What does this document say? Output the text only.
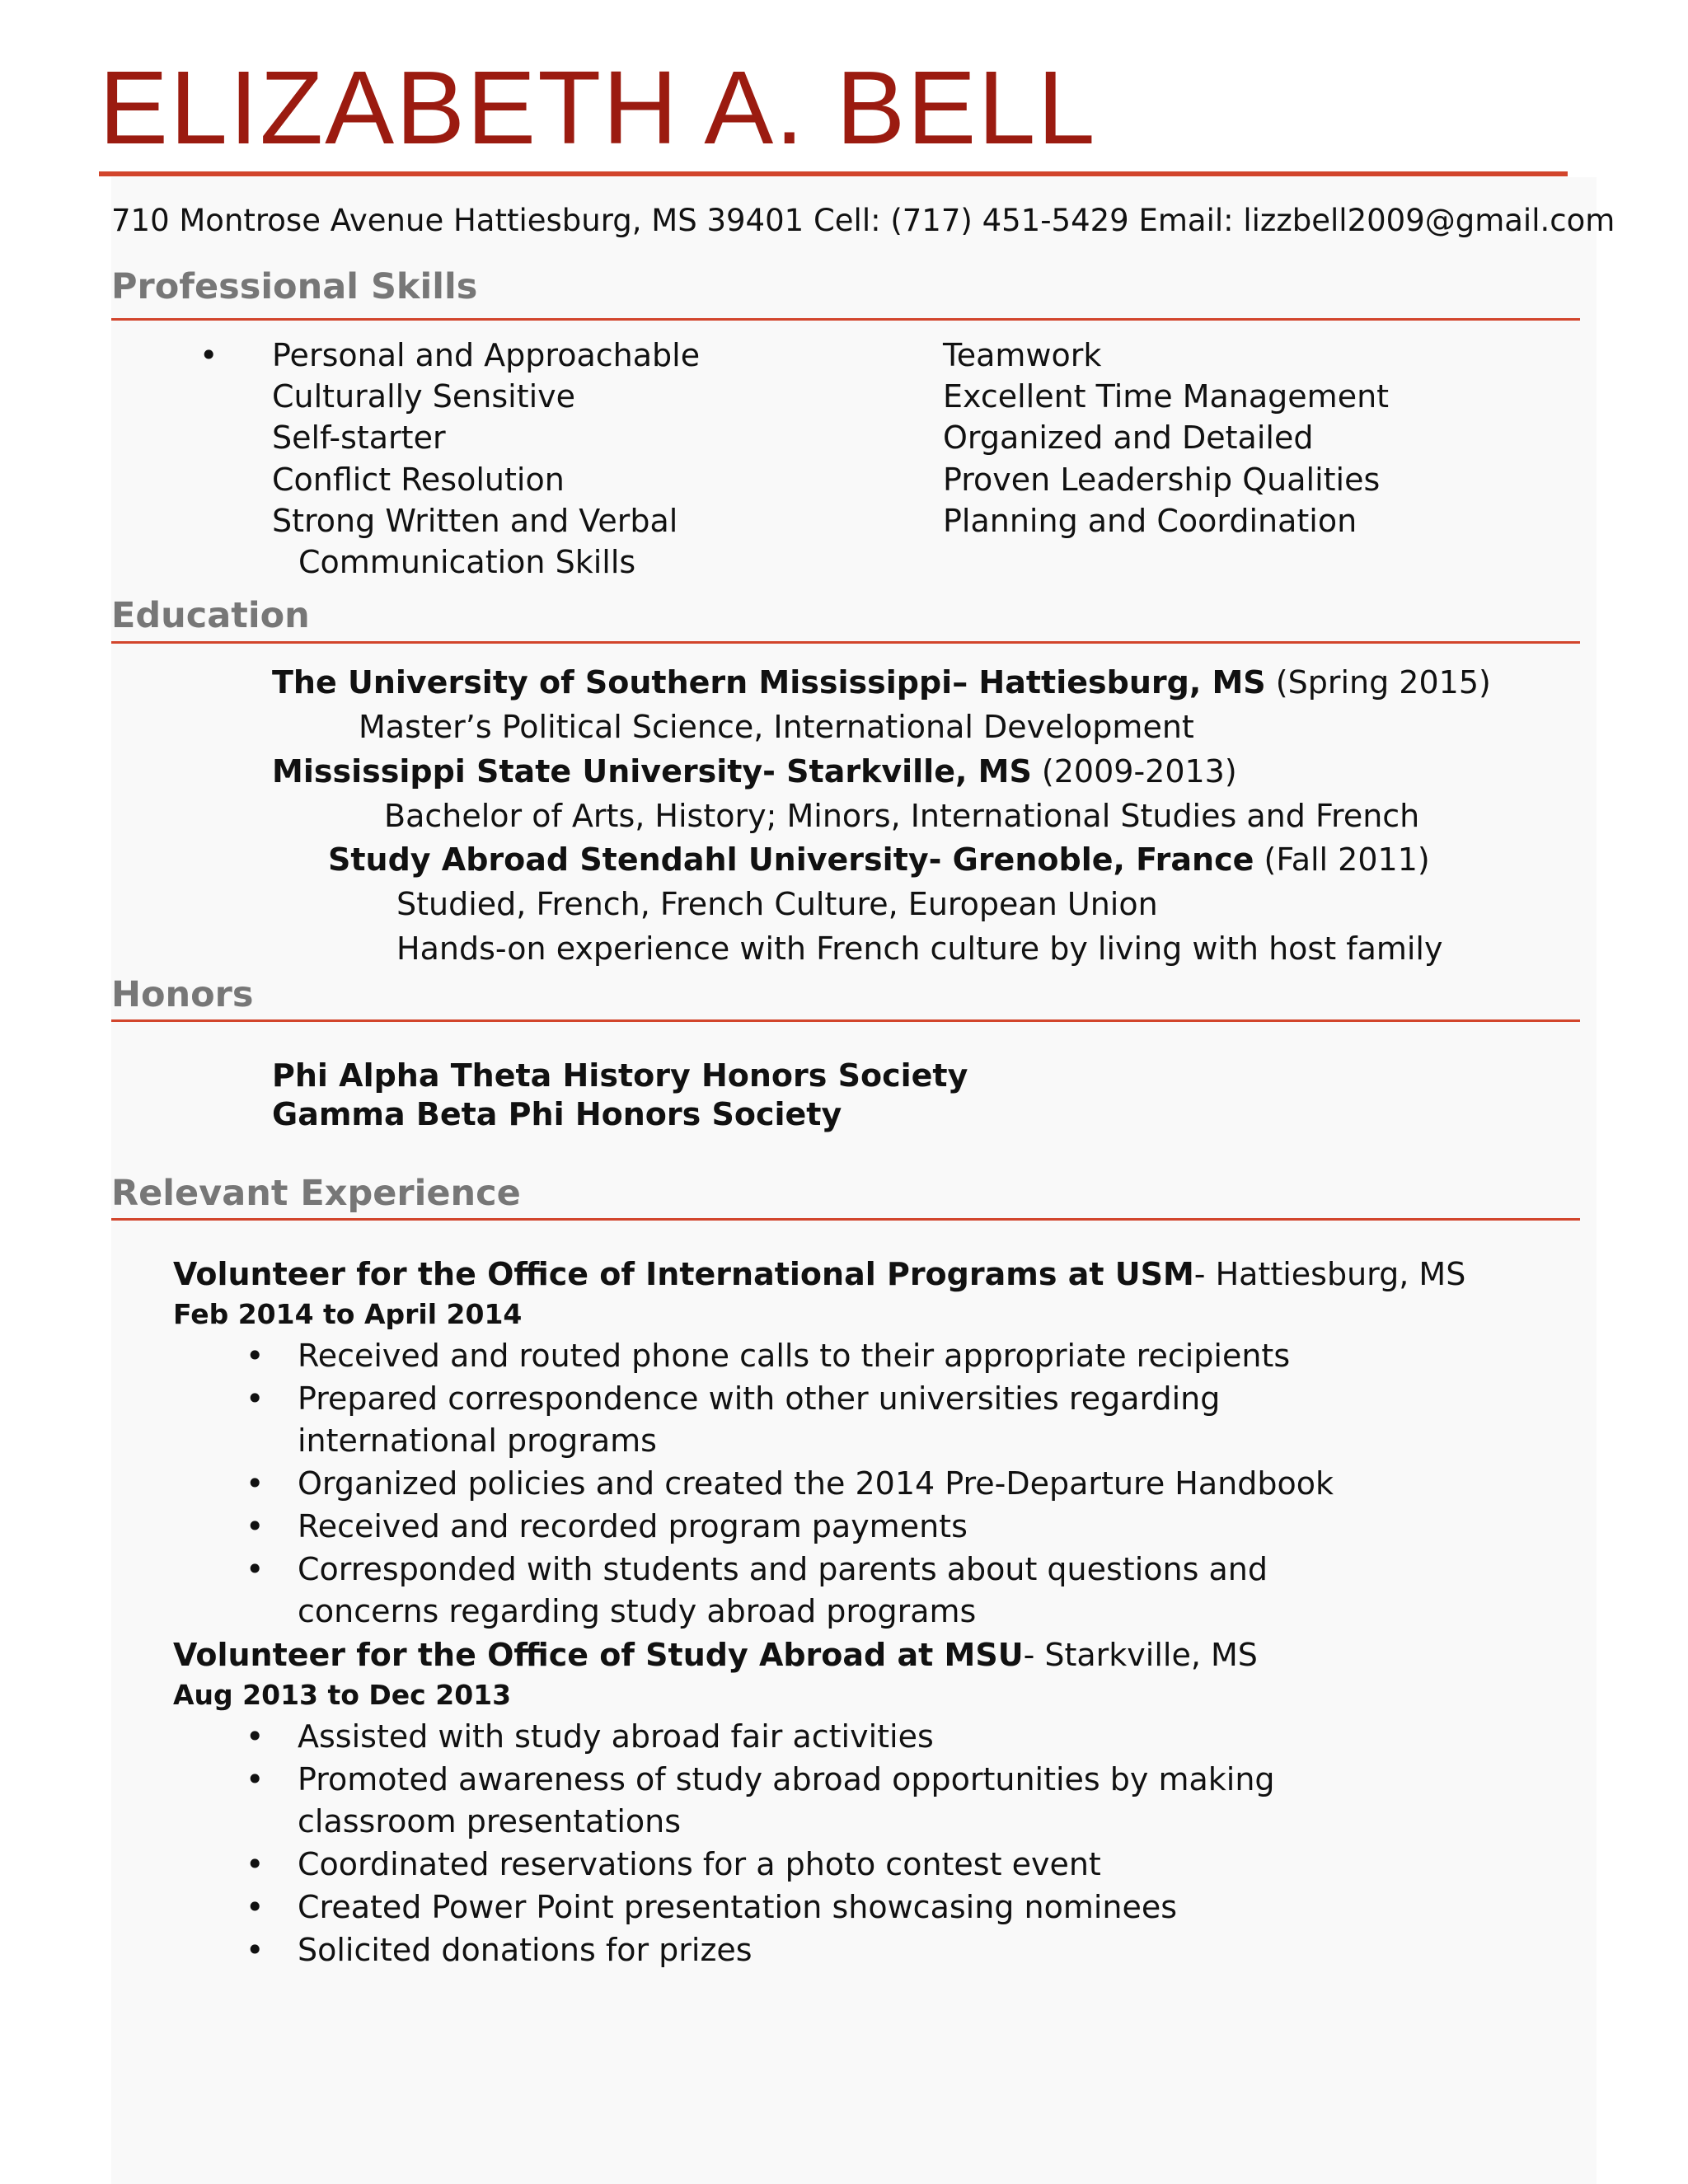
ELIZABETH A. BELL
710 Montrose Avenue Hattiesburg, MS 39401 Cell: (717) 451-5429 Email: lizzbell2009@gmail.com
Professional Skills
• Personal and Approachable
Culturally Sensitive
Self-starter
Conflict Resolution
Strong Written and Verbal
Communication Skills
Teamwork
Excellent Time Management
Organized and Detailed
Proven Leadership Qualities
Planning and Coordination
Education
The University of Southern Mississippi– Hattiesburg, MS (Spring 2015)
Master’s Political Science, International Development
Mississippi State University- Starkville, MS (2009-2013)
Bachelor of Arts, History; Minors, International Studies and French
Study Abroad Stendahl University- Grenoble, France (Fall 2011)
Studied, French, French Culture, European Union
Hands-on experience with French culture by living with host family
Honors
Phi Alpha Theta History Honors Society
Gamma Beta Phi Honors Society
Relevant Experience
Volunteer for the Office of International Programs at USM- Hattiesburg, MS
Feb 2014 to April 2014
• Received and routed phone calls to their appropriate recipients
• Prepared correspondence with other universities regarding international programs
• Organized policies and created the 2014 Pre-Departure Handbook
• Received and recorded program payments
• Corresponded with students and parents about questions and concerns regarding study abroad programs
Volunteer for the Office of Study Abroad at MSU- Starkville, MS
Aug 2013 to Dec 2013
• Assisted with study abroad fair activities
• Promoted awareness of study abroad opportunities by making classroom presentations
• Coordinated reservations for a photo contest event
• Created Power Point presentation showcasing nominees
• Solicited donations for prizes
